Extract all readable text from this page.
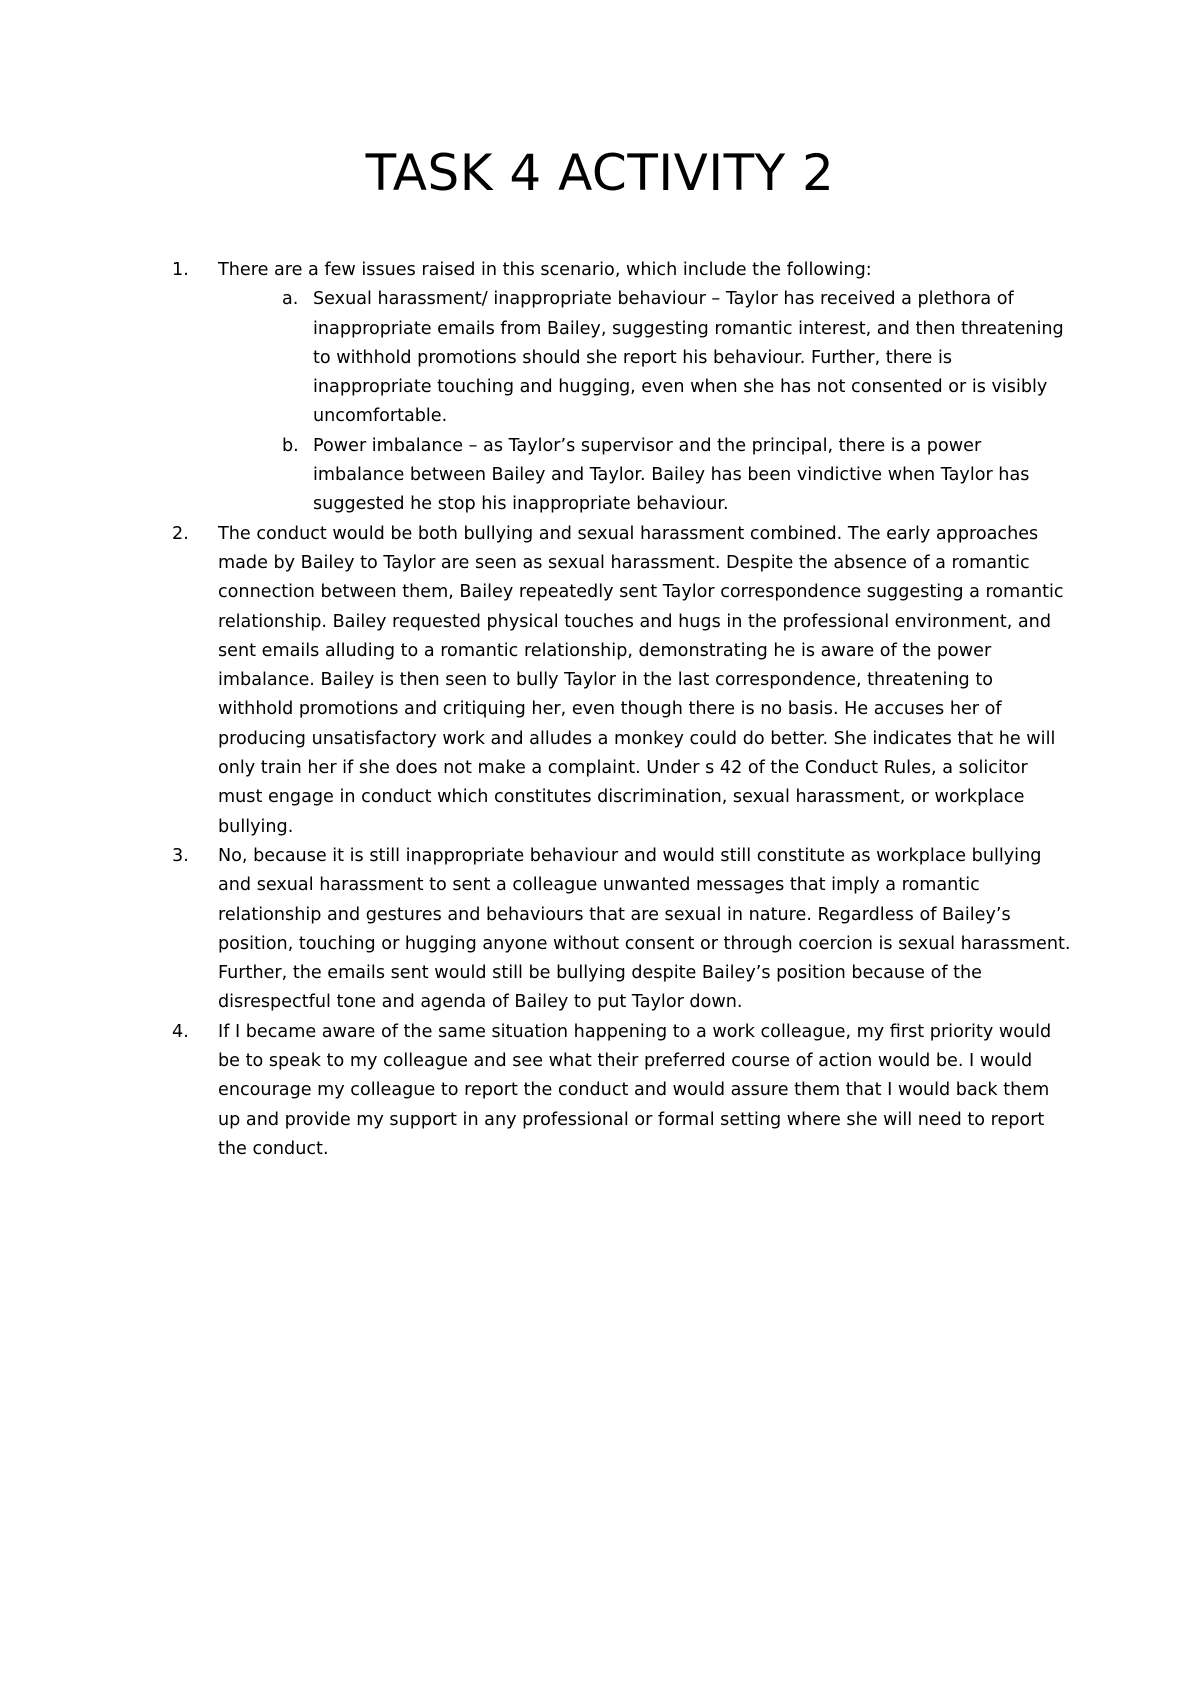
TASK 4 ACTIVITY 2
1. There are a few issues raised in this scenario, which include the following:
a. Sexual harassment/ inappropriate behaviour – Taylor has received a plethora of inappropriate emails from Bailey, suggesting romantic interest, and then threatening to withhold promotions should she report his behaviour. Further, there is inappropriate touching and hugging, even when she has not consented or is visibly uncomfortable.
b. Power imbalance – as Taylor’s supervisor and the principal, there is a power imbalance between Bailey and Taylor. Bailey has been vindictive when Taylor has suggested he stop his inappropriate behaviour.
2. The conduct would be both bullying and sexual harassment combined. The early approaches made by Bailey to Taylor are seen as sexual harassment. Despite the absence of a romantic connection between them, Bailey repeatedly sent Taylor correspondence suggesting a romantic relationship. Bailey requested physical touches and hugs in the professional environment, and sent emails alluding to a romantic relationship, demonstrating he is aware of the power imbalance. Bailey is then seen to bully Taylor in the last correspondence, threatening to withhold promotions and critiquing her, even though there is no basis. He accuses her of producing unsatisfactory work and alludes a monkey could do better. She indicates that he will only train her if she does not make a complaint. Under s 42 of the Conduct Rules, a solicitor must engage in conduct which constitutes discrimination, sexual harassment, or workplace bullying.
3. No, because it is still inappropriate behaviour and would still constitute as workplace bullying and sexual harassment to sent a colleague unwanted messages that imply a romantic relationship and gestures and behaviours that are sexual in nature. Regardless of Bailey’s position, touching or hugging anyone without consent or through coercion is sexual harassment. Further, the emails sent would still be bullying despite Bailey’s position because of the disrespectful tone and agenda of Bailey to put Taylor down.
4. If I became aware of the same situation happening to a work colleague, my first priority would be to speak to my colleague and see what their preferred course of action would be. I would encourage my colleague to report the conduct and would assure them that I would back them up and provide my support in any professional or formal setting where she will need to report the conduct.
